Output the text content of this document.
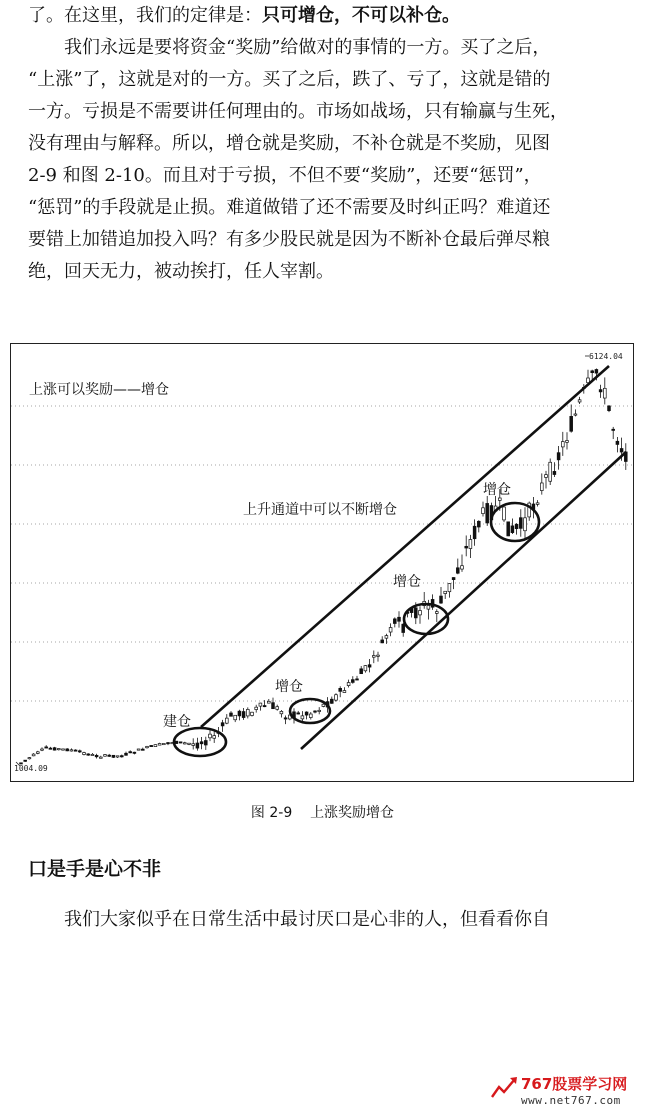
了。在这里，我们的定律是：只可增仓，不可以补仓。
我们永远是要将资金“奖励”给做对的事情的一方。买了之后，
“上涨”了，这就是对的一方。买了之后，跌了、亏了，这就是错的
一方。亏损是不需要讲任何理由的。市场如战场，只有输赢与生死，
没有理由与解释。所以，增仓就是奖励，不补仓就是不奖励，见图
2-9 和图 2-10。而且对于亏损，不但不要“奖励”，还要“惩罚”，
“惩罚”的手段就是止损。难道做错了还不需要及时纠正吗？难道还
要错上加错追加投入吗？有多少股民就是因为不断补仓最后弹尽粮
绝，回天无力，被动挨打，任人宰割。
上涨可以奖励——增仓
上升通道中可以不断增仓
建仓
增仓
增仓
增仓
6124.04
1004.09
767股票学习网
www.net767.com
图 2-9 上涨奖励增仓
口是手是心不非
我们大家似乎在日常生活中最讨厌口是心非的人，但看看你自
